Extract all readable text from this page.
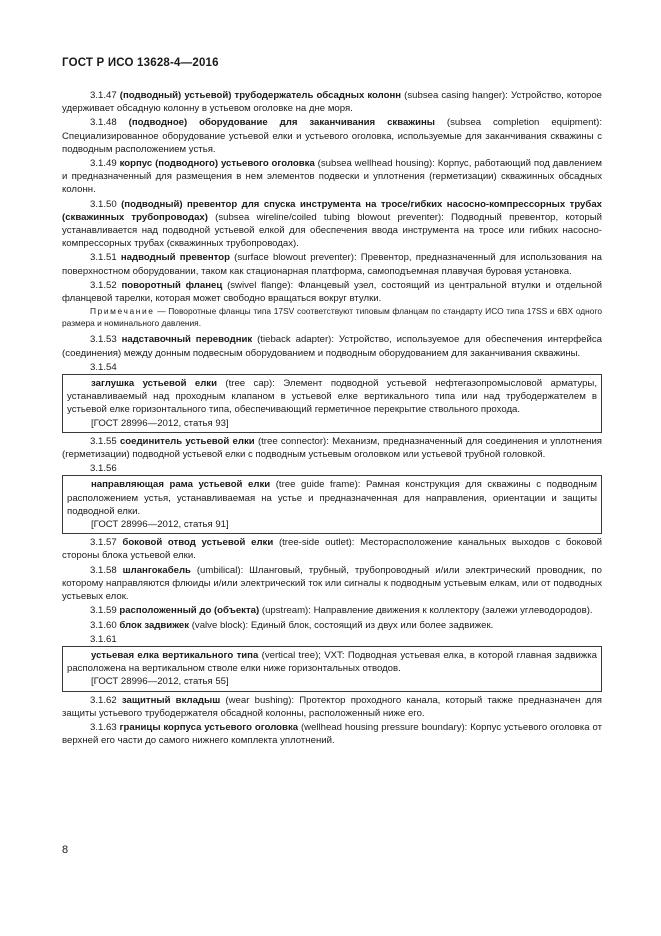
ГОСТ Р ИСО 13628-4—2016

3.1.47 (подводный) устьевой) трубодержатель обсадных колонн (subsea casing hanger): Устройство, которое удерживает обсадную колонну в устьевом оголовке на дне моря.

3.1.48 (подводное) оборудование для заканчивания скважины (subsea completion equipment): Специализированное оборудование устьевой елки и устьевого оголовка, используемые для заканчивания скважины с подводным расположением устья.

3.1.49 корпус (подводного) устьевого оголовка (subsea wellhead housing): Корпус, работающий под давлением и предназначенный для размещения в нем элементов подвески и уплотнения (герметизации) скважинных обсадных колонн.

3.1.50 (подводный) превентор для спуска инструмента на тросе/гибких насосно-компрессорных трубах (скважинных трубопроводах) (subsea wireline/coiled tubing blowout preventer): Подводный превентор, который устанавливается над подводной устьевой елкой для обеспечения ввода инструмента на тросе или гибких насосно-компрессорных трубах (скважинных трубопроводах).

3.1.51 надводный превентор (surface blowout preventer): Превентор, предназначенный для использования на поверхностном оборудовании, таком как стационарная платформа, самоподъемная плавучая буровая установка.

3.1.52 поворотный фланец (swivel flange): Фланцевый узел, состоящий из центральной втулки и отдельной фланцевой тарелки, которая может свободно вращаться вокруг втулки.

Примечание — Поворотные фланцы типа 17SV соответствуют типовым фланцам по стандарту ИСО типа 17SS и 6BX одного размера и номинального давления.

3.1.53 надставочный переводник (tieback adapter): Устройство, используемое для обеспечения интерфейса (соединения) между донным подвесным оборудованием и подводным оборудованием для заканчивания скважины.

3.1.54

заглушка устьевой елки (tree cap): Элемент подводной устьевой нефтегазопромысловой арматуры, устанавливаемый над проходным клапаном в устьевой елке вертикального типа или над трубодержателем в устьевой елке горизонтального типа, обеспечивающий герметичное перекрытие ствольного прохода.

[ГОСТ 28996—2012, статья 93]

3.1.55 соединитель устьевой елки (tree connector): Механизм, предназначенный для соединения и уплотнения (герметизации) подводной устьевой елки с подводным устьевым оголовком или устьевой трубной головкой.

3.1.56

направляющая рама устьевой елки (tree guide frame): Рамная конструкция для скважины с подводным расположением устья, устанавливаемая на устье и предназначенная для направления, ориентации и защиты подводной елки.

[ГОСТ 28996—2012, статья 91]

3.1.57 боковой отвод устьевой елки (tree-side outlet): Месторасположение канальных выходов с боковой стороны блока устьевой елки.

3.1.58 шлангокабель (umbilical): Шланговый, трубный, трубопроводный и/или электрический проводник, по которому направляются флюиды и/или электрический ток или сигналы к подводным устьевым елкам, или от подводных устьевых елок.

3.1.59 расположенный до (объекта) (upstream): Направление движения к коллектору (залежи углеводородов).

3.1.60 блок задвижек (valve block): Единый блок, состоящий из двух или более задвижек.

3.1.61

устьевая елка вертикального типа (vertical tree); VXT: Подводная устьевая елка, в которой главная задвижка расположена на вертикальном стволе елки ниже горизонтальных отводов.

[ГОСТ 28996—2012, статья 55]

3.1.62 защитный вкладыш (wear bushing): Протектор проходного канала, который также предназначен для защиты устьевого трубодержателя обсадной колонны, расположенный ниже его.

3.1.63 границы корпуса устьевого оголовка (wellhead housing pressure boundary): Корпус устьевого оголовка от верхней его части до самого нижнего комплекта уплотнений.

8
